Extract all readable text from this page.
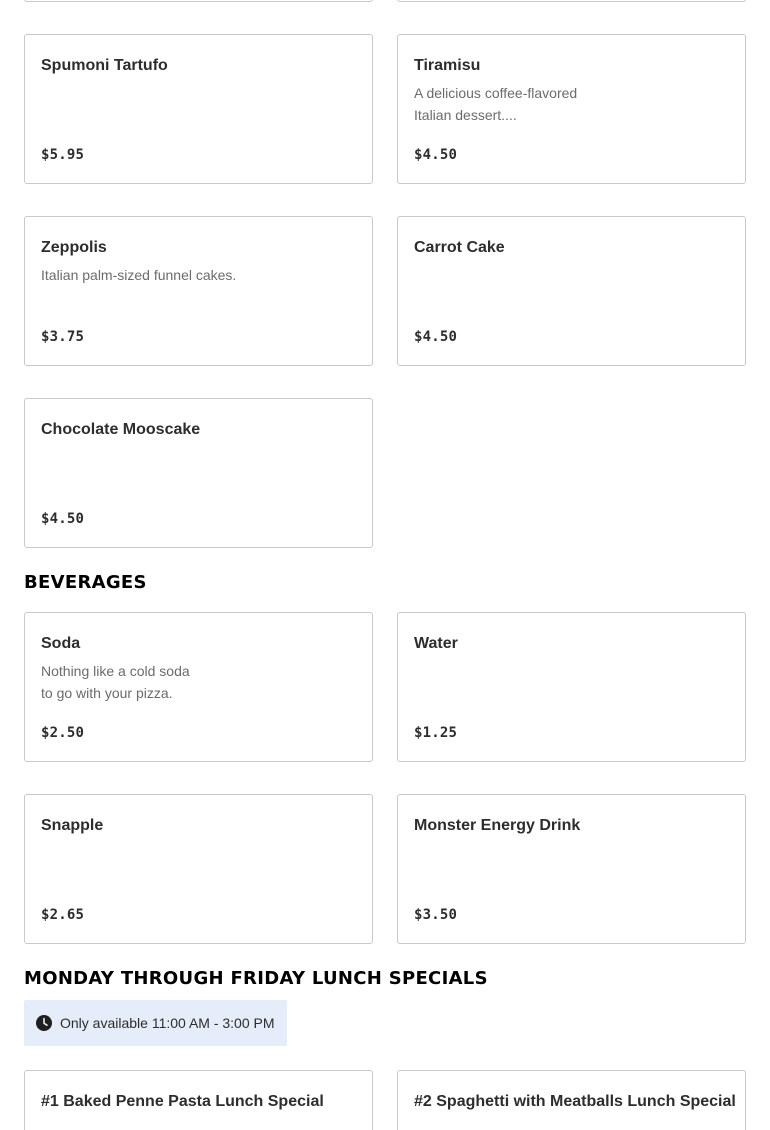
Spumoni Tartufo
$5.95
Tiramisu
A delicious coffee-flavored
Italian dessert....
$4.50
Zeppolis
Italian palm-sized funnel cakes.
$3.75
Carrot Cake
$4.50
Chocolate Mooscake
$4.50
BEVERAGES
Soda
Nothing like a cold soda
to go with your pizza.
$2.50
Water
$1.25
Snapple
$2.65
Monster Energy Drink
$3.50
MONDAY THROUGH FRIDAY LUNCH SPECIALS
Only available 11:00 AM - 3:00 PM
#1 Baked Penne Pasta Lunch Special	#2 Spaghetti with Meatballs Lunch Special
